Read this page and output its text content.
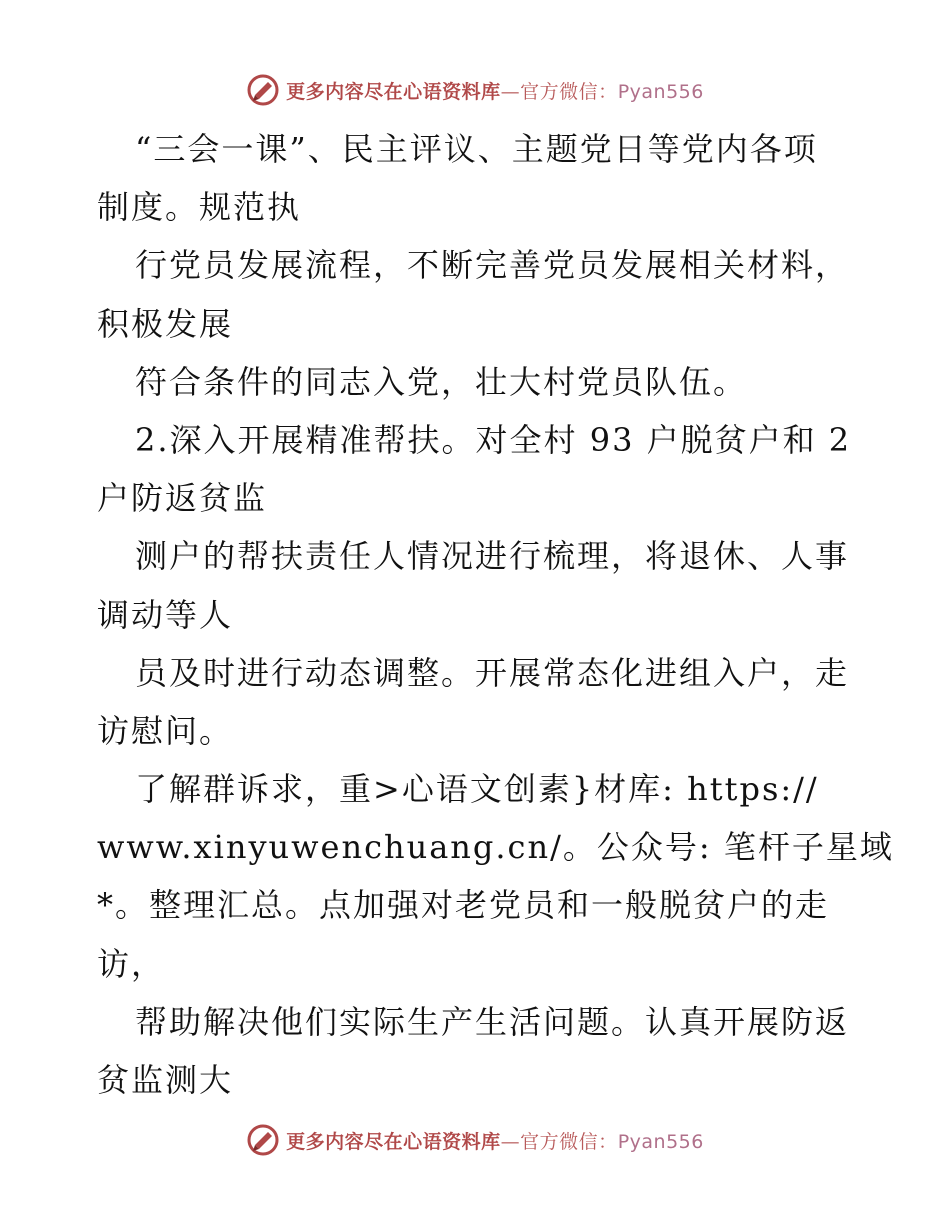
更多内容尽在心语资料库—官方微信：Pyan556
“三会一课”、民主评议、主题党日等党内各项
制度。规范执
行党员发展流程，不断完善党员发展相关材料，
积极发展
符合条件的同志入党，壮大村党员队伍。
2.深入开展精准帮扶。对全村 93 户脱贫户和 2
户防返贫监
测户的帮扶责任人情况进行梳理，将退休、人事
调动等人
员及时进行动态调整。开展常态化进组入户，走
访慰问。
了解群诉求，重>心语文创素}材库: https://
www.xinyuwenchuang.cn/。公众号: 笔杆子星域
*。整理汇总。点加强对老党员和一般脱贫户的走
访，
帮助解决他们实际生产生活问题。认真开展防返
贫监测大
更多内容尽在心语资料库—官方微信：Pyan556
